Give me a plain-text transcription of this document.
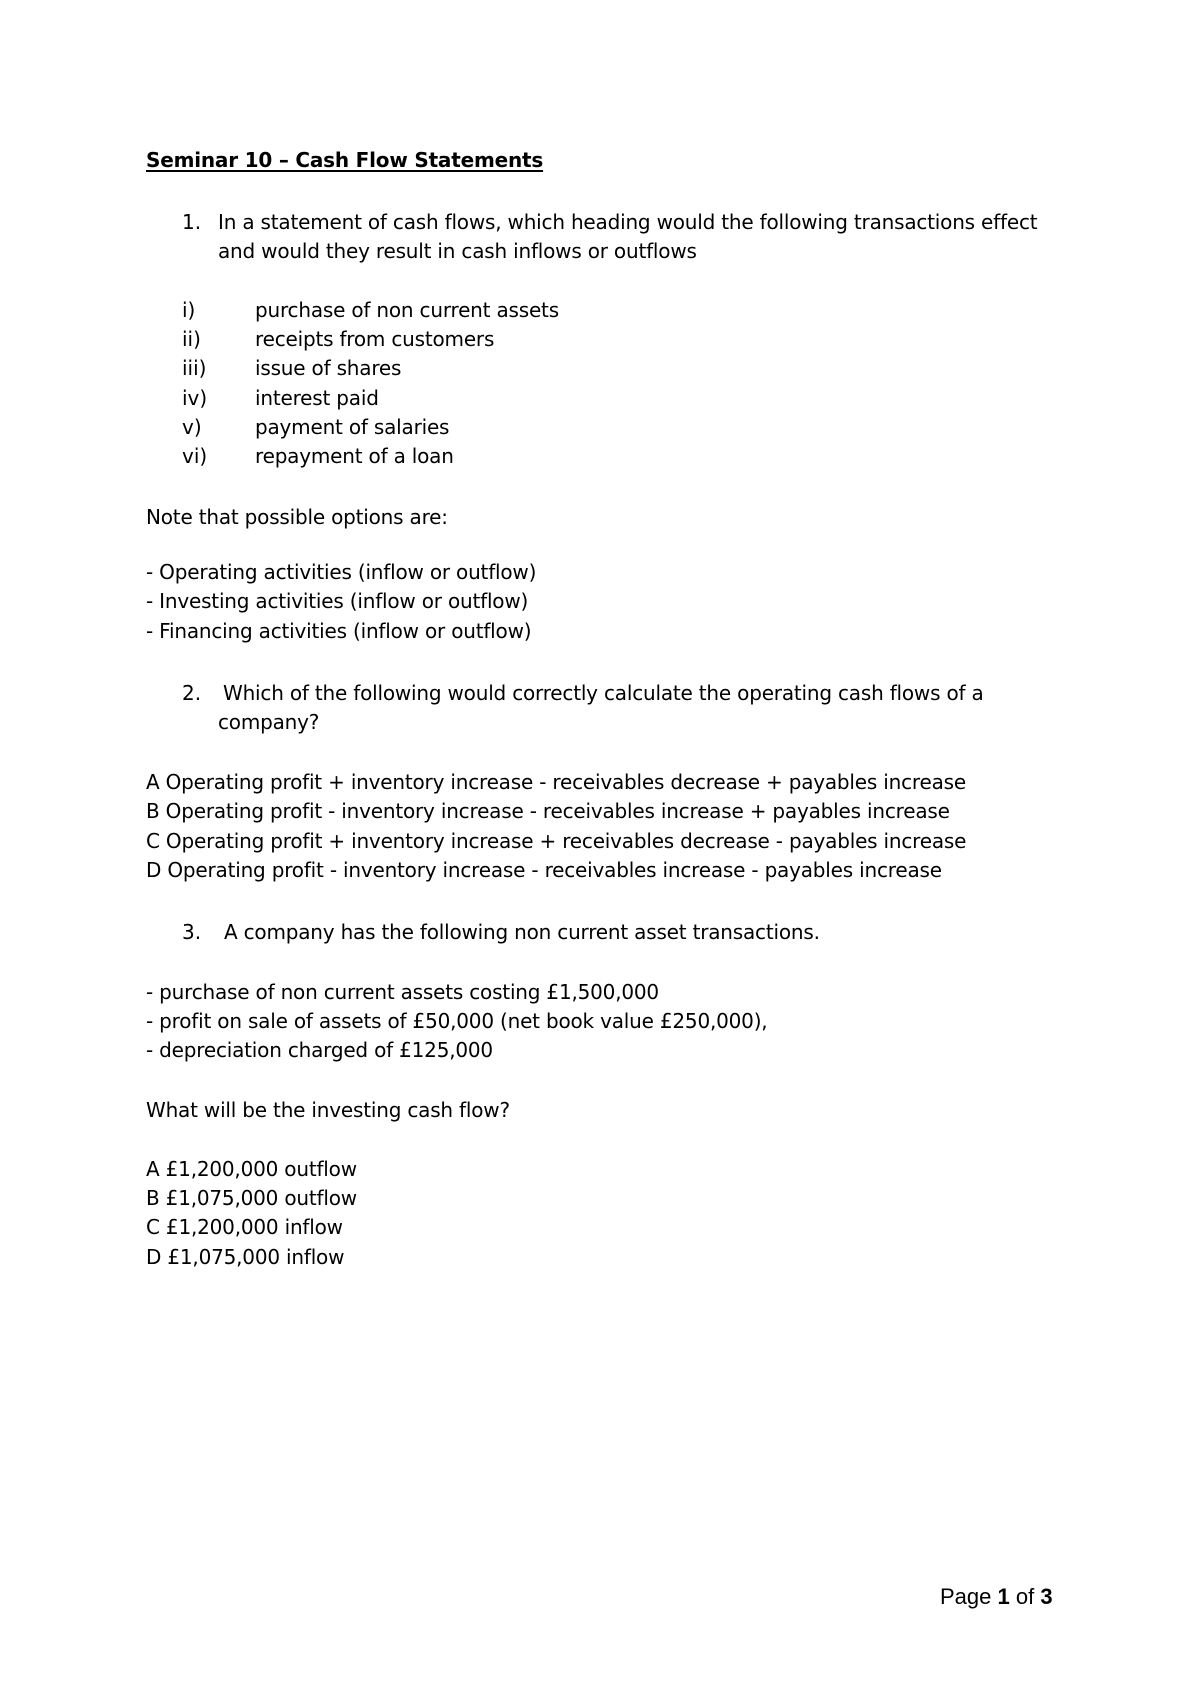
Seminar 10 – Cash Flow Statements
1. In a statement of cash flows, which heading would the following transactions effect
and would they result in cash inflows or outflows
i)	purchase of non current assets
ii)	receipts from customers
iii) issue of shares
iv) interest paid
v)	payment of salaries
vi) repayment of a loan
Note that possible options are:
- Operating activities (inflow or outflow)
- Investing activities (inflow or outflow)
- Financing activities (inflow or outflow)
2. Which of the following would correctly calculate the operating cash flows of a
company?
A Operating profit + inventory increase - receivables decrease + payables increase
B Operating profit - inventory increase - receivables increase + payables increase
C Operating profit + inventory increase + receivables decrease - payables increase
D Operating profit - inventory increase - receivables increase - payables increase
3. A company has the following non current asset transactions.
- purchase of non current assets costing £1,500,000
- profit on sale of assets of £50,000 (net book value £250,000),
- depreciation charged of £125,000
What will be the investing cash flow?
A £1,200,000 outflow
B £1,075,000 outflow
C £1,200,000 inflow
D £1,075,000 inflow
Page 1 of 3
